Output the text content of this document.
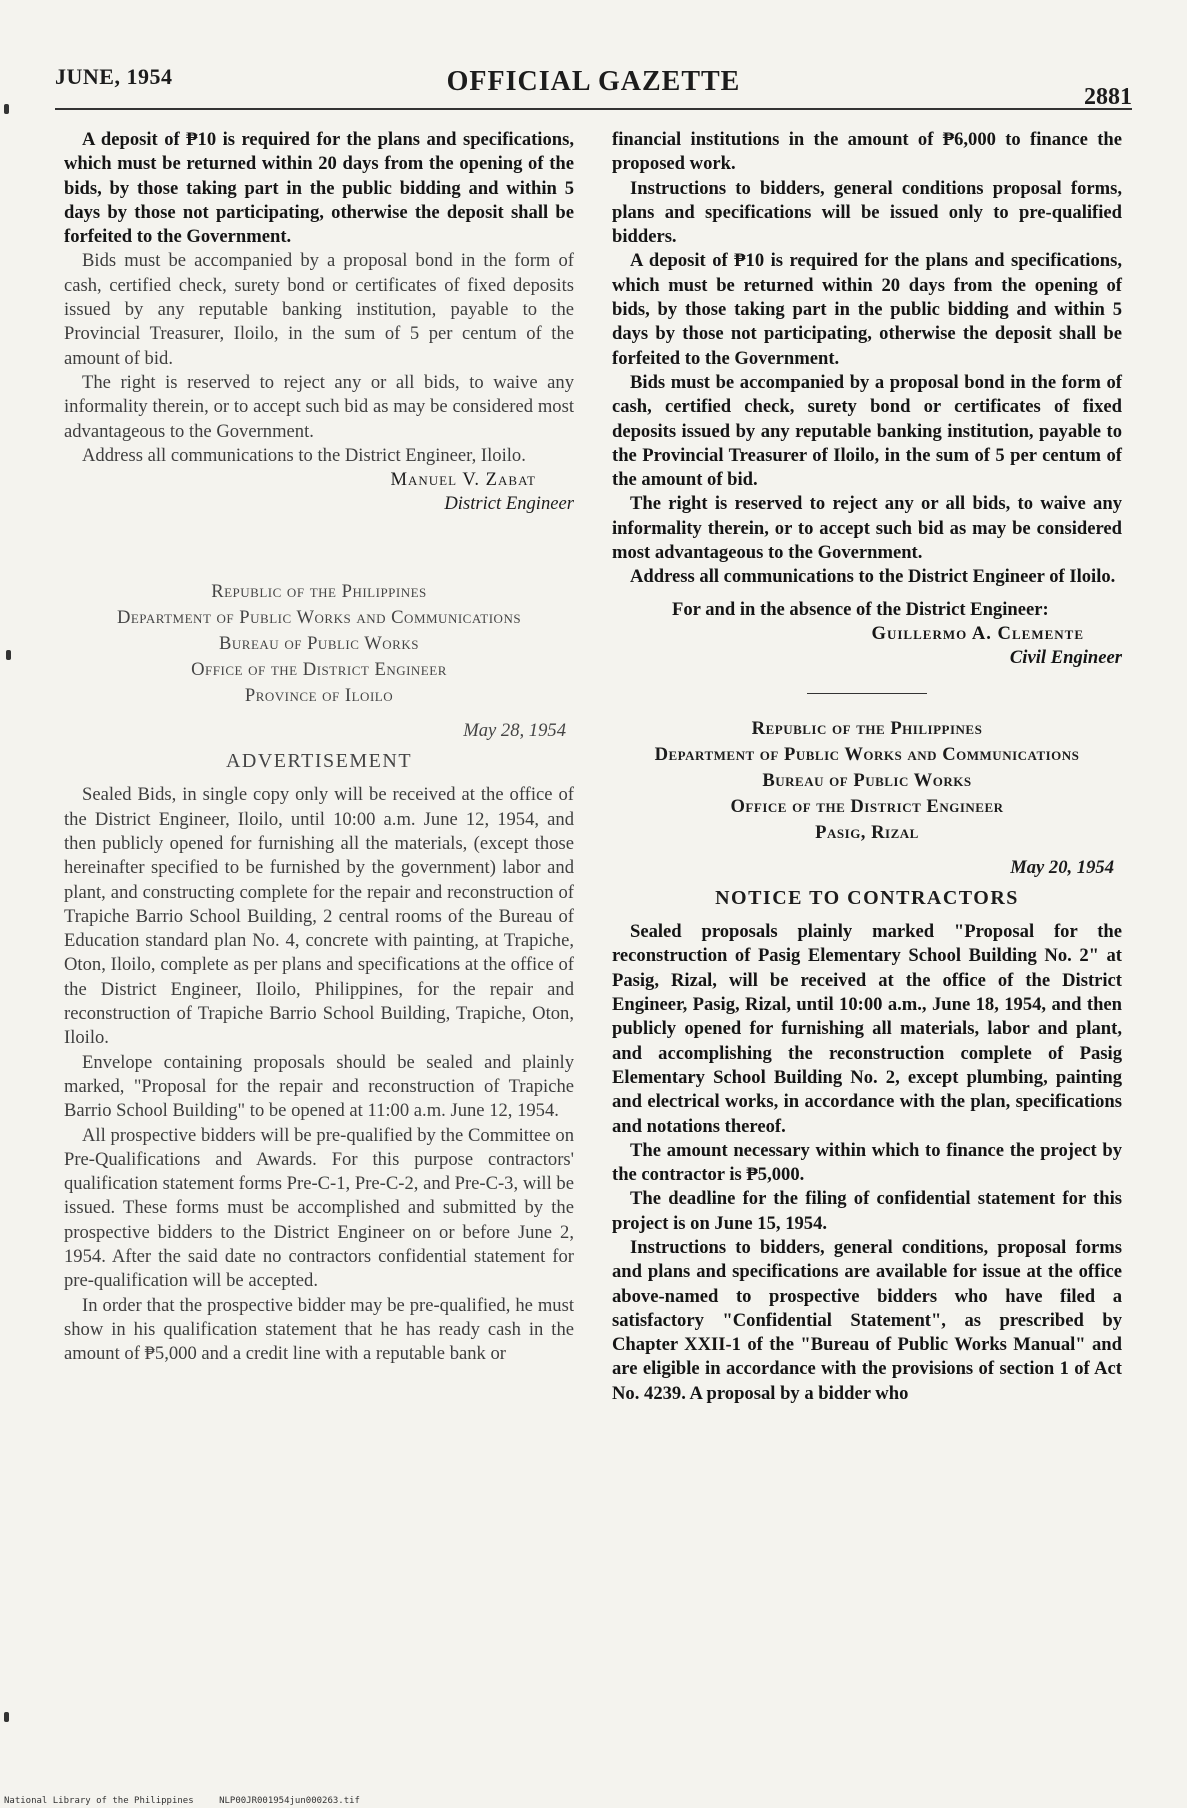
JUNE, 1954	OFFICIAL GAZETTE	2881

A deposit of ₱10 is required for the plans and specifications, which must be returned within 20 days from the opening of the bids, by those taking part in the public bidding and within 5 days by those not participating, otherwise the deposit shall be forfeited to the Government.

Bids must be accompanied by a proposal bond in the form of cash, certified check, surety bond or certificates of fixed deposits issued by any reputable banking institution, payable to the Provincial Treasurer, Iloilo, in the sum of 5 per centum of the amount of bid.

The right is reserved to reject any or all bids, to waive any informality therein, or to accept such bid as may be considered most advantageous to the Government.

Address all communications to the District Engineer, Iloilo.

Manuel V. Zabat
District Engineer

Republic of the Philippines
Department of Public Works and Communications
Bureau of Public Works
Office of the District Engineer
Province of Iloilo
May 28, 1954
ADVERTISEMENT

Sealed Bids, in single copy only will be received at the office of the District Engineer, Iloilo, until 10:00 a.m. June 12, 1954, and then publicly opened for furnishing all the materials, (except those hereinafter specified to be furnished by the government) labor and plant, and constructing complete for the repair and reconstruction of Trapiche Barrio School Building, 2 central rooms of the Bureau of Education standard plan No. 4, concrete with painting, at Trapiche, Oton, Iloilo, complete as per plans and specifications at the office of the District Engineer, Iloilo, Philippines, for the repair and reconstruction of Trapiche Barrio School Building, Trapiche, Oton, Iloilo.

Envelope containing proposals should be sealed and plainly marked, "Proposal for the repair and reconstruction of Trapiche Barrio School Building" to be opened at 11:00 a.m. June 12, 1954.

All prospective bidders will be pre-qualified by the Committee on Pre-Qualifications and Awards. For this purpose contractors' qualification statement forms Pre-C-1, Pre-C-2, and Pre-C-3, will be issued. These forms must be accomplished and submitted by the prospective bidders to the District Engineer on or before June 2, 1954. After the said date no contractors confidential statement for pre-qualification will be accepted.

In order that the prospective bidder may be pre-qualified, he must show in his qualification statement that he has ready cash in the amount of ₱5,000 and a credit line with a reputable bank or

financial institutions in the amount of ₱6,000 to finance the proposed work.

Instructions to bidders, general conditions proposal forms, plans and specifications will be issued only to pre-qualified bidders.

A deposit of ₱10 is required for the plans and specifications, which must be returned within 20 days from the opening of bids, by those taking part in the public bidding and within 5 days by those not participating, otherwise the deposit shall be forfeited to the Government.

Bids must be accompanied by a proposal bond in the form of cash, certified check, surety bond or certificates of fixed deposits issued by any reputable banking institution, payable to the Provincial Treasurer of Iloilo, in the sum of 5 per centum of the amount of bid.

The right is reserved to reject any or all bids, to waive any informality therein, or to accept such bid as may be considered most advantageous to the Government.

Address all communications to the District Engineer of Iloilo.

For and in the absence of the District Engineer:

Guillermo A. Clemente
Civil Engineer

Republic of the Philippines
Department of Public Works and Communications
Bureau of Public Works
Office of the District Engineer
Pasig, Rizal
May 20, 1954
NOTICE TO CONTRACTORS

Sealed proposals plainly marked "Proposal for the reconstruction of Pasig Elementary School Building No. 2" at Pasig, Rizal, will be received at the office of the District Engineer, Pasig, Rizal, until 10:00 a.m., June 18, 1954, and then publicly opened for furnishing all materials, labor and plant, and accomplishing the reconstruction complete of Pasig Elementary School Building No. 2, except plumbing, painting and electrical works, in accordance with the plan, specifications and notations thereof.

The amount necessary within which to finance the project by the contractor is ₱5,000.

The deadline for the filing of confidential statement for this project is on June 15, 1954.

Instructions to bidders, general conditions, proposal forms and plans and specifications are available for issue at the office above-named to prospective bidders who have filed a satisfactory "Confidential Statement", as prescribed by Chapter XXII-1 of the "Bureau of Public Works Manual" and are eligible in accordance with the provisions of section 1 of Act No. 4239. A proposal by a bidder who

National Library of the Philippines	NLP00JR001954jun000263.tif
